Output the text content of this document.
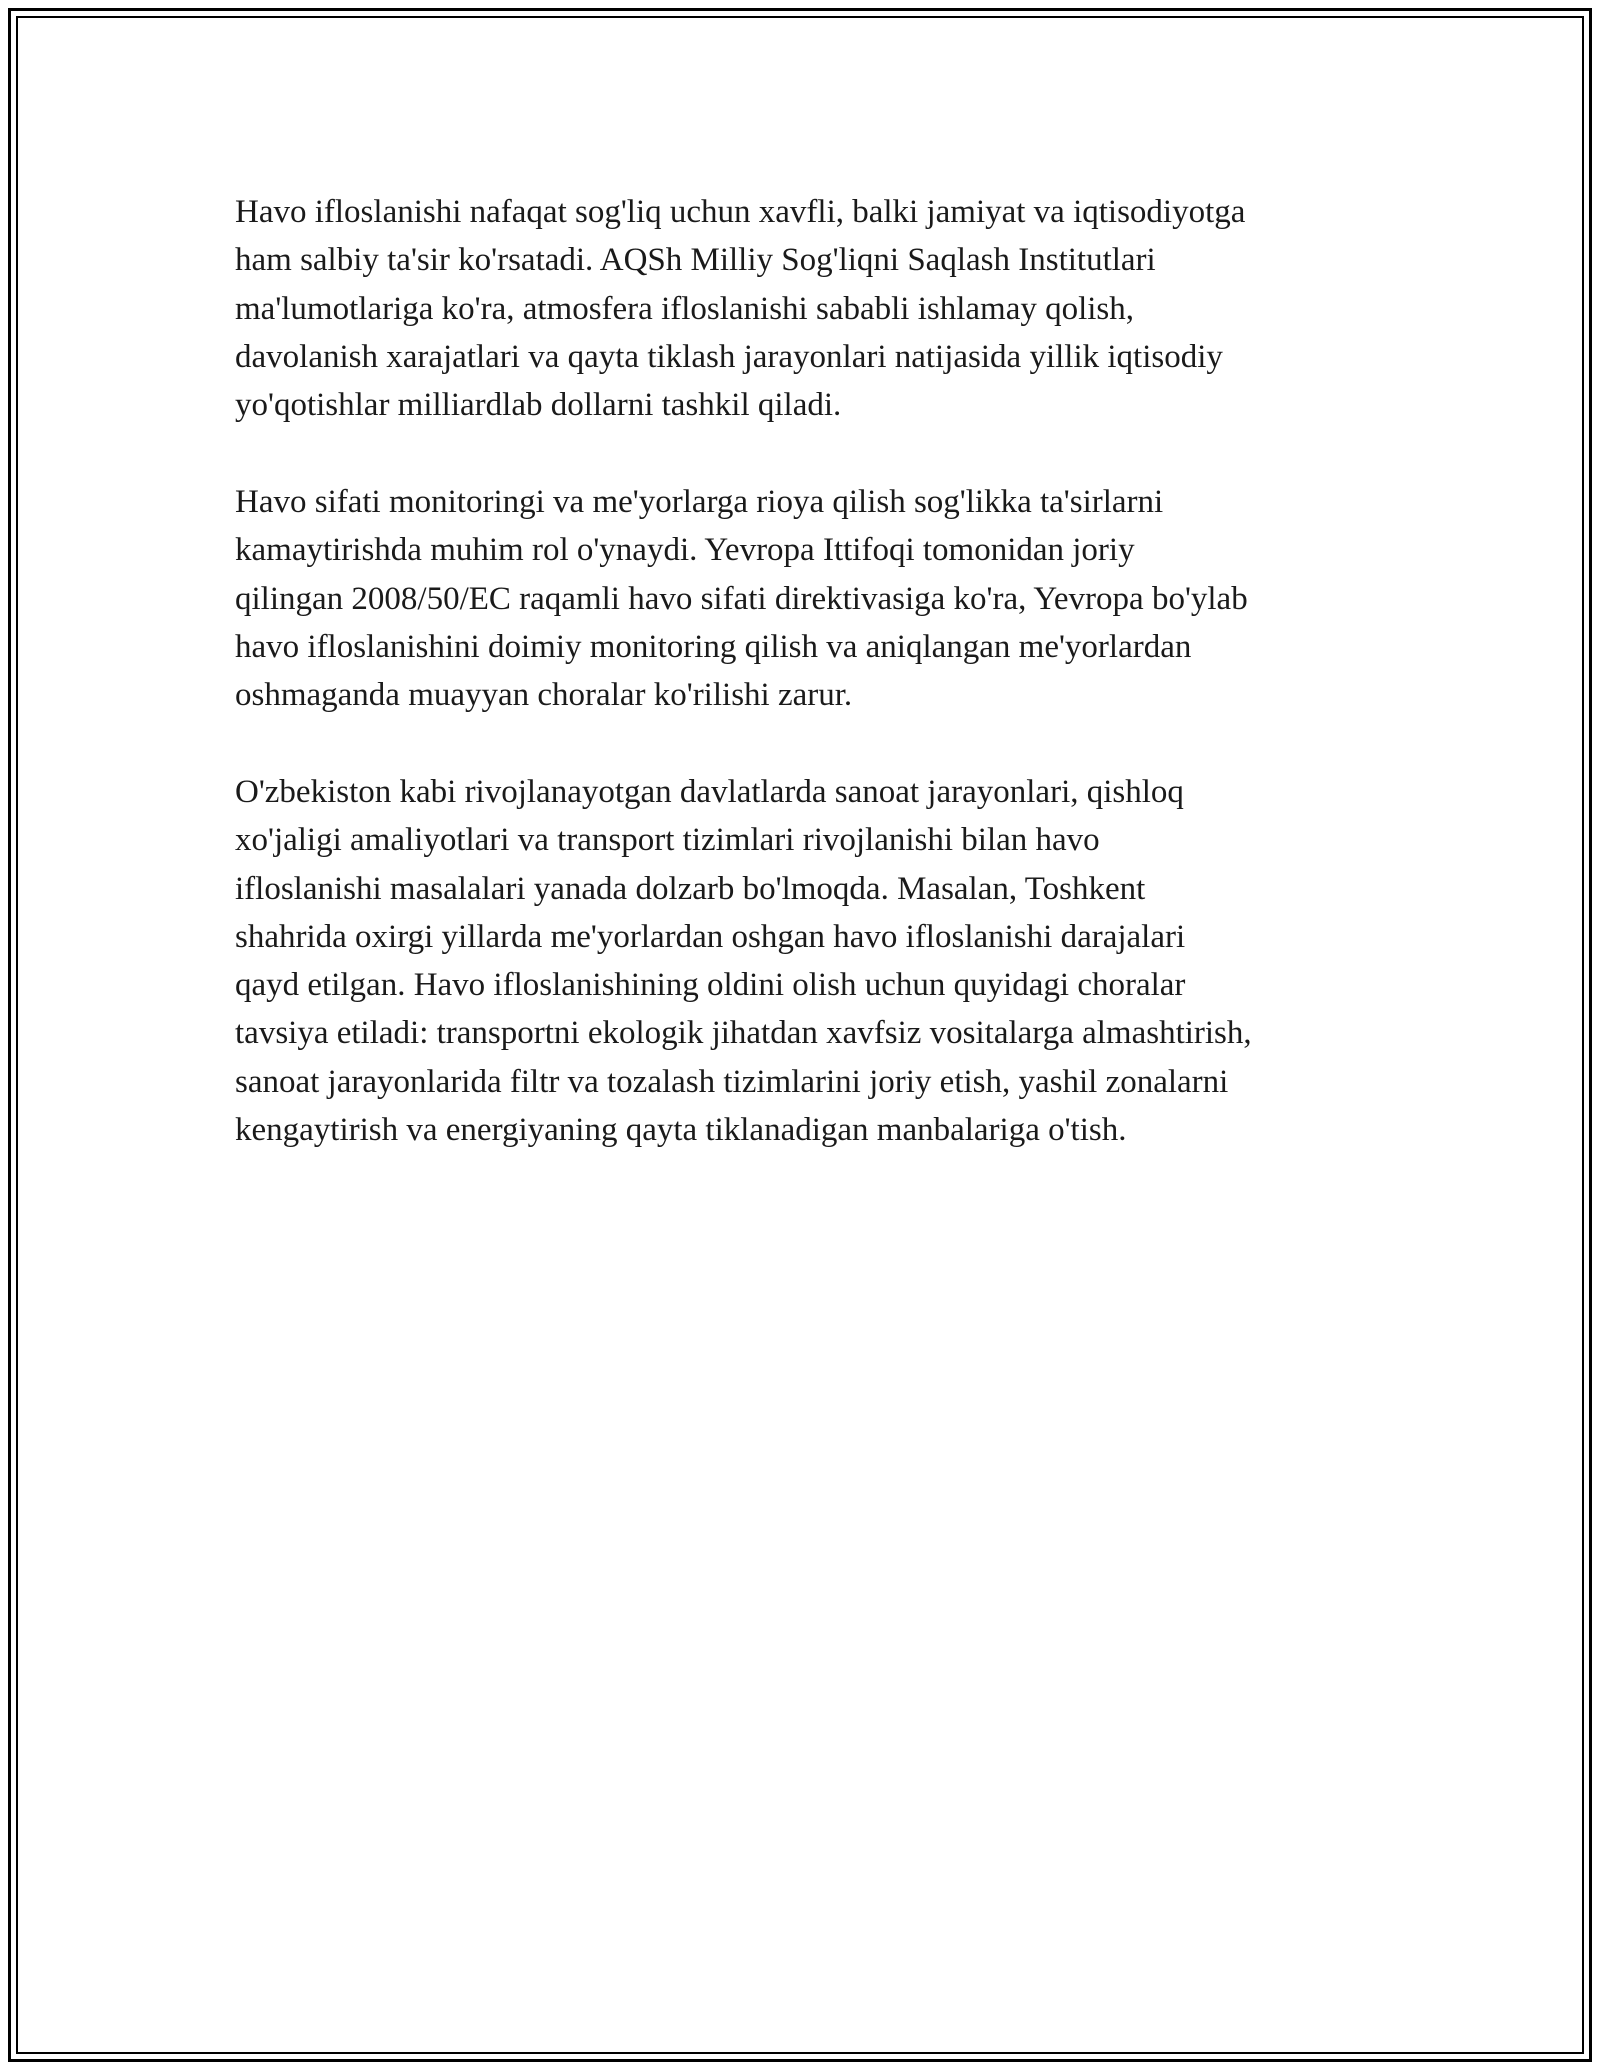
Havo ifloslanishi nafaqat sog'liq uchun xavfli, balki jamiyat va iqtisodiyotga
ham salbiy ta'sir ko'rsatadi. AQSh Milliy Sog'liqni Saqlash Institutlari
ma'lumotlariga ko'ra, atmosfera ifloslanishi sababli ishlamay qolish,
davolanish xarajatlari va qayta tiklash jarayonlari natijasida yillik iqtisodiy
yo'qotishlar milliardlab dollarni tashkil qiladi.

Havo sifati monitoringi va me'yorlarga rioya qilish sog'likka ta'sirlarni
kamaytirishda muhim rol o'ynaydi. Yevropa Ittifoqi tomonidan joriy
qilingan 2008/50/EC raqamli havo sifati direktivasiga ko'ra, Yevropa bo'ylab
havo ifloslanishini doimiy monitoring qilish va aniqlangan me'yorlardan
oshmaganda muayyan choralar ko'rilishi zarur.

O'zbekiston kabi rivojlanayotgan davlatlarda sanoat jarayonlari, qishloq
xo'jaligi amaliyotlari va transport tizimlari rivojlanishi bilan havo
ifloslanishi masalalari yanada dolzarb bo'lmoqda. Masalan, Toshkent
shahrida oxirgi yillarda me'yorlardan oshgan havo ifloslanishi darajalari
qayd etilgan. Havo ifloslanishining oldini olish uchun quyidagi choralar
tavsiya etiladi: transportni ekologik jihatdan xavfsiz vositalarga almashtirish,
sanoat jarayonlarida filtr va tozalash tizimlarini joriy etish, yashil zonalarni
kengaytirish va energiyaning qayta tiklanadigan manbalariga o'tish.
